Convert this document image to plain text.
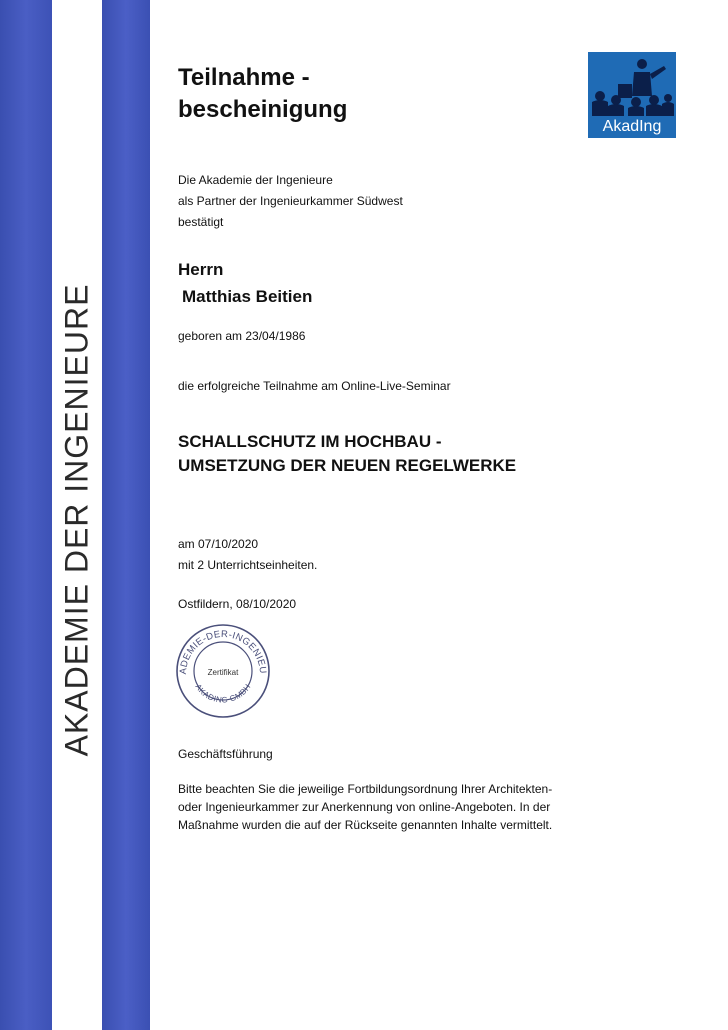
AKADEMIE DER INGENIEURE
Teilnahme -
bescheinigung
AkadIng

Die Akademie der Ingenieure
als Partner der Ingenieurkammer Südwest
bestätigt

Herrn
Matthias Beitien

geboren am 23/04/1986

die erfolgreiche Teilnahme am Online-Live-Seminar

SCHALLSCHUTZ IM HOCHBAU -
UMSETZUNG DER NEUEN REGELWERKE

am 07/10/2020
mit 2 Unterrichtseinheiten.

Ostfildern, 08/10/2020

ADEMIE-DER-INGENIEU
AKADING GMBH
Zertifikat

Geschäftsführung

Bitte beachten Sie die jeweilige Fortbildungsordnung Ihrer Architekten-
oder Ingenieurkammer zur Anerkennung von online-Angeboten. In der
Maßnahme wurden die auf der Rückseite genannten Inhalte vermittelt.
